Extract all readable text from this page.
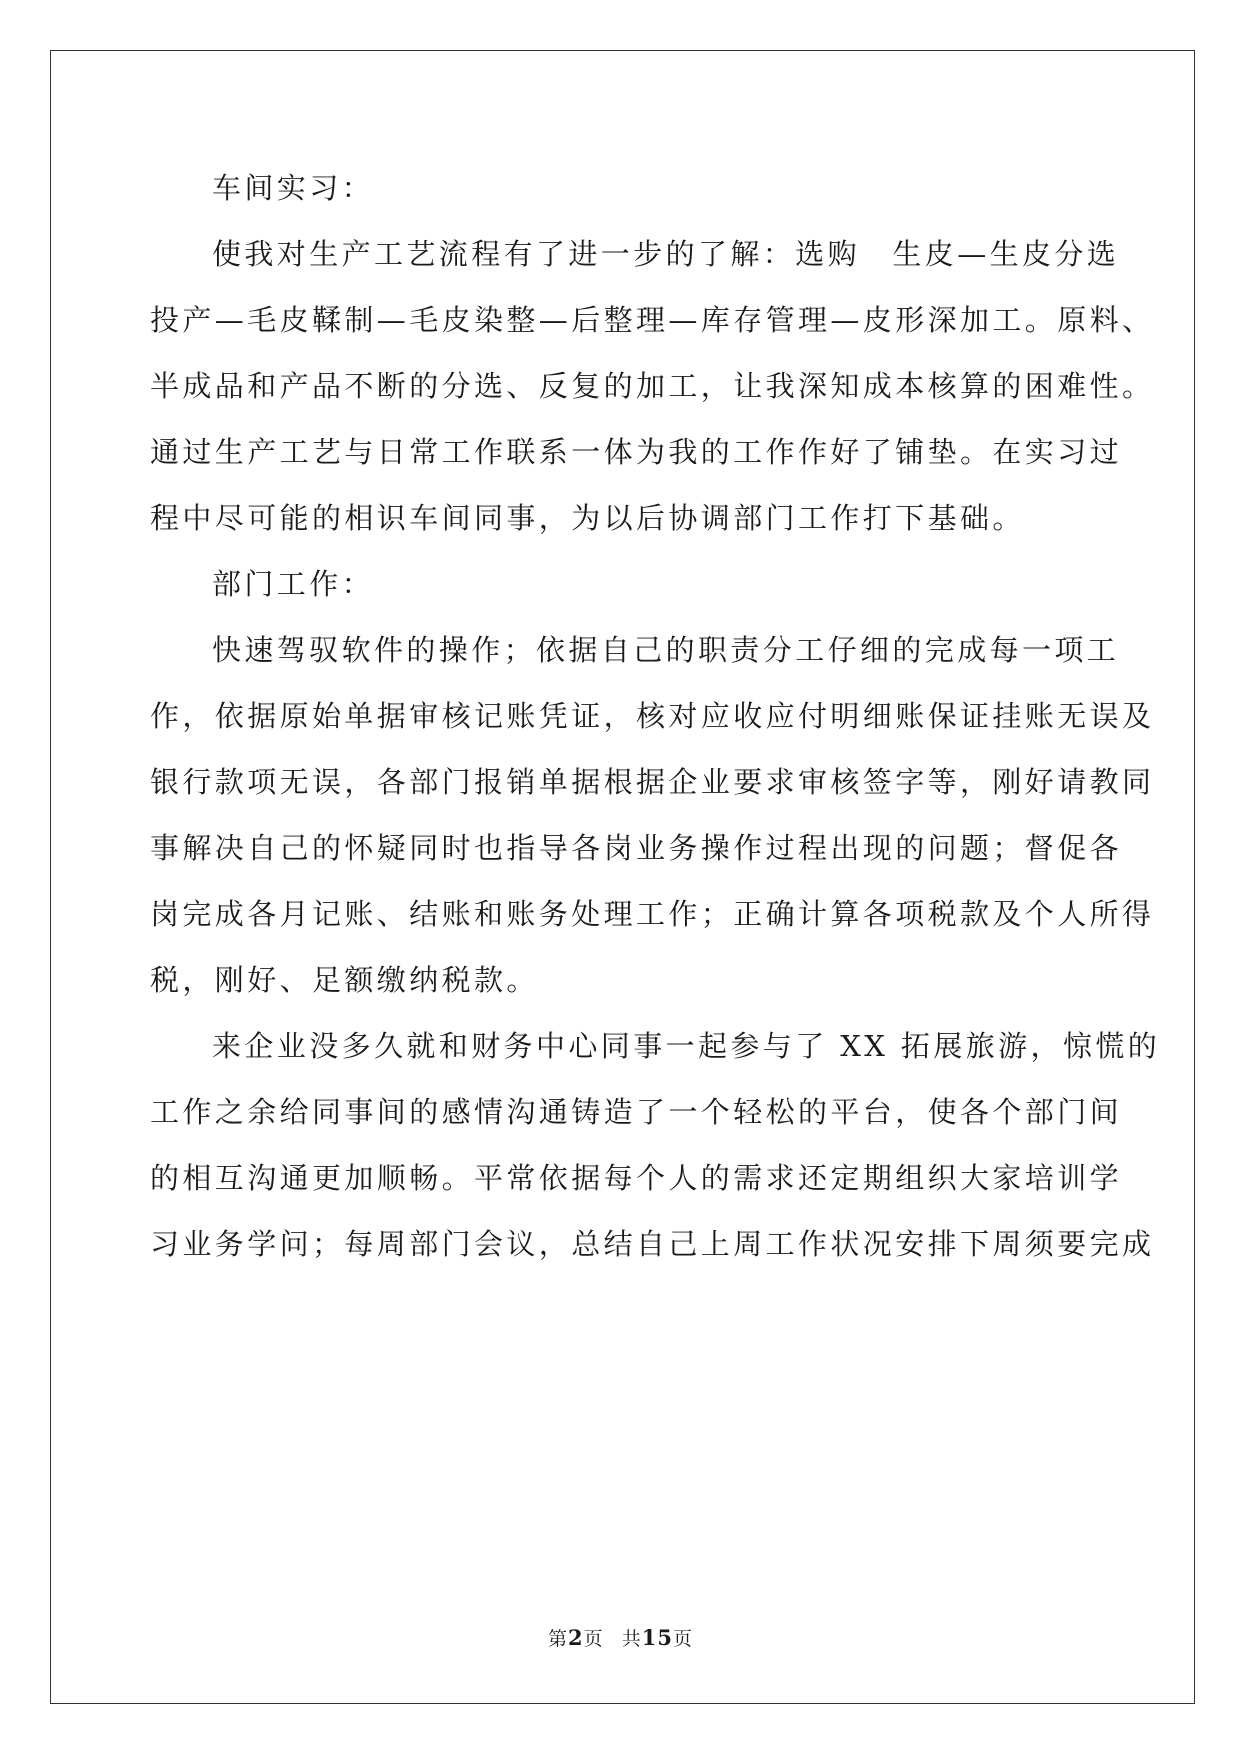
车间实习：

使我对生产工艺流程有了进一步的了解：选购　生皮—生皮分选

投产—毛皮鞣制—毛皮染整—后整理—库存管理—皮形深加工。原料、

半成品和产品不断的分选、反复的加工，让我深知成本核算的困难性。

通过生产工艺与日常工作联系一体为我的工作作好了铺垫。在实习过

程中尽可能的相识车间同事，为以后协调部门工作打下基础。

部门工作：

快速驾驭软件的操作；依据自己的职责分工仔细的完成每一项工

作，依据原始单据审核记账凭证，核对应收应付明细账保证挂账无误及

银行款项无误，各部门报销单据根据企业要求审核签字等，刚好请教同

事解决自己的怀疑同时也指导各岗业务操作过程出现的问题；督促各

岗完成各月记账、结账和账务处理工作；正确计算各项税款及个人所得

税，刚好、足额缴纳税款。

来企业没多久就和财务中心同事一起参与了 XX 拓展旅游，惊慌的

工作之余给同事间的感情沟通铸造了一个轻松的平台，使各个部门间

的相互沟通更加顺畅。平常依据每个人的需求还定期组织大家培训学

习业务学问；每周部门会议，总结自己上周工作状况安排下周须要完成

第2页 共15页
